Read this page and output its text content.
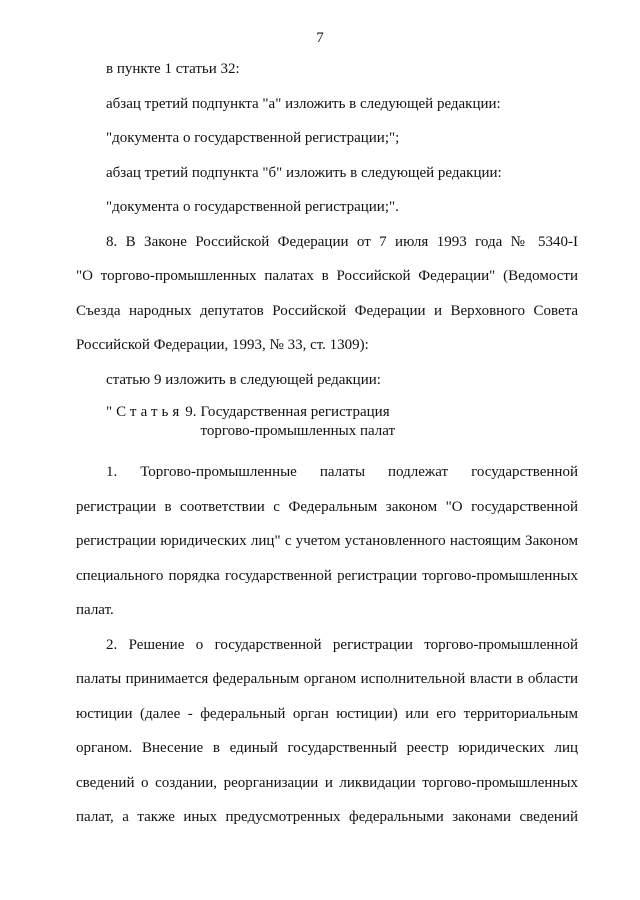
7

в пункте 1 статьи 32:

абзац третий подпункта "а" изложить в следующей редакции:

"документа о государственной регистрации;";

абзац третий подпункта "б" изложить в следующей редакции:

"документа о государственной регистрации;".

8. В Законе Российской Федерации от 7 июля 1993 года № 5340-I

"О торгово-промышленных палатах в Российской Федерации" (Ведомости

Съезда народных депутатов Российской Федерации и Верховного Совета

Российской Федерации, 1993, № 33, ст. 1309):

статью 9 изложить в следующей редакции:

"Статья 9. Государственная регистрация
торгово-промышленных палат

1. Торгово-промышленные палаты подлежат государственной

регистрации в соответствии с Федеральным законом "О государственной

регистрации юридических лиц" с учетом установленного настоящим Законом

специального порядка государственной регистрации торгово-промышленных

палат.

2. Решение о государственной регистрации торгово-промышленной

палаты принимается федеральным органом исполнительной власти в области

юстиции (далее - федеральный орган юстиции) или его территориальным

органом. Внесение в единый государственный реестр юридических лиц

сведений о создании, реорганизации и ликвидации торгово-промышленных

палат, а также иных предусмотренных федеральными законами сведений
